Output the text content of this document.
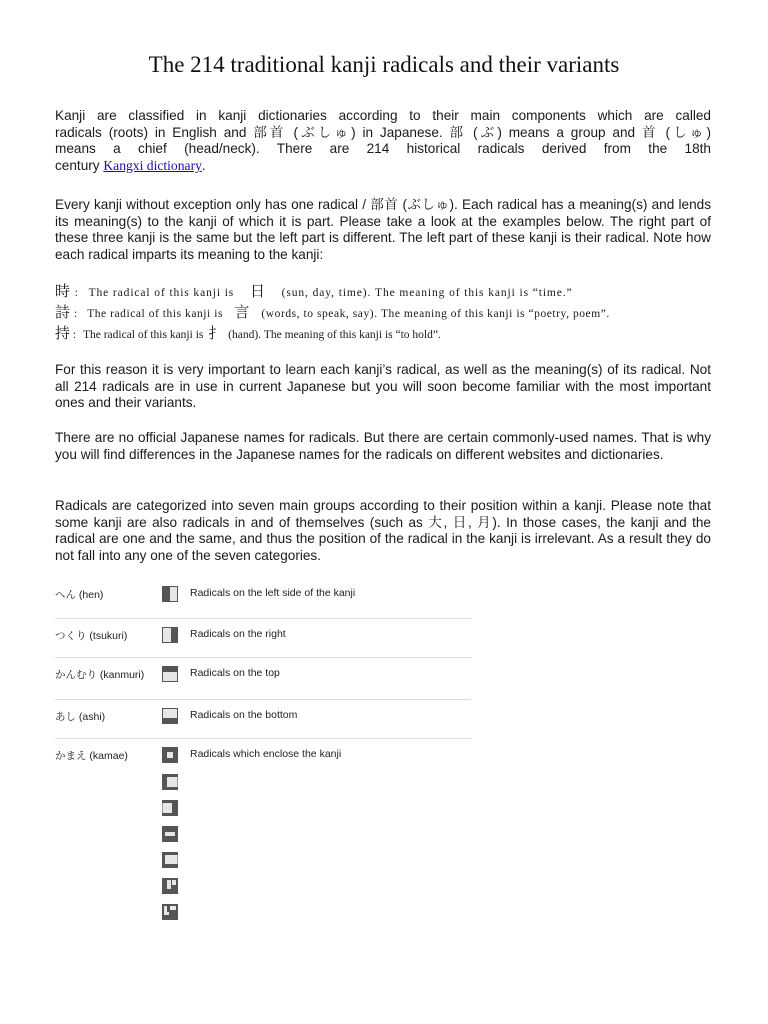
The 214 traditional kanji radicals and their variants
Kanji are classified in kanji dictionaries according to their main components which are called
radicals (roots) in English and 部首 (ぶしゅ) in Japanese. 部 (ぶ) means a group and 首 (しゅ)
means a chief (head/neck). There are 214 historical radicals derived from the 18th
century Kangxi dictionary.

Every kanji without exception only has one radical / 部首 (ぶしゅ). Each radical has a meaning(s) and lends its meaning(s) to the kanji of which it is part. Please take a look at the examples below. The right part of these three kanji is the same but the left part is different. The left part of these kanji is their radical. Note how each radical imparts its meaning to the kanji:

時 : The radical of this kanji is 日 (sun, day, time). The meaning of this kanji is “time.”
詩 : The radical of this kanji is 言 (words, to speak, say). The meaning of this kanji is “poetry, poem”.
持 : The radical of this kanji is 扌 (hand). The meaning of this kanji is “to hold”.

For this reason it is very important to learn each kanji’s radical, as well as the meaning(s) of its radical. Not all 214 radicals are in use in current Japanese but you will soon become familiar with the most important ones and their variants.

There are no official Japanese names for radicals. But there are certain commonly-used names. That is why you will find differences in the Japanese names for the radicals on different websites and dictionaries.

Radicals are categorized into seven main groups according to their position within a kanji. Please note that some kanji are also radicals in and of themselves (such as 大, 日, 月). In those cases, the kanji and the radical are one and the same, and thus the position of the radical in the kanji is irrelevant. As a result they do not fall into any one of the seven categories.

へん (hen)	Radicals on the left side of the kanji
つくり (tsukuri)	Radicals on the right
かんむり (kanmuri)	Radicals on the top
あし (ashi)	Radicals on the bottom
かまえ (kamae)	Radicals which enclose the kanji
